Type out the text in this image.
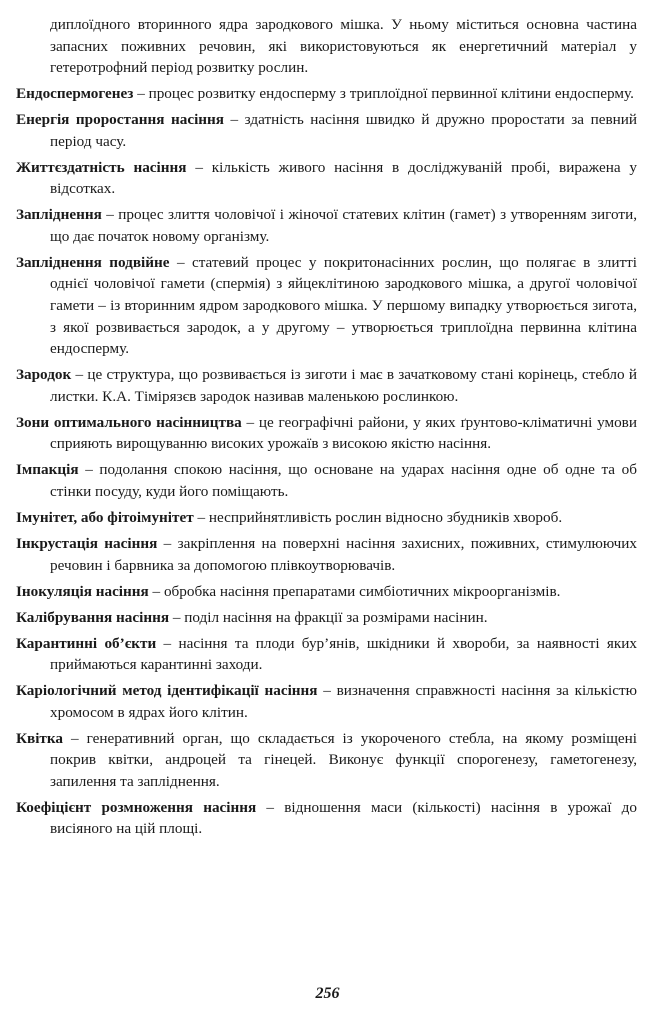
диплоїдного вторинного ядра зародкового мішка. У ньому міститься основна частина запасних поживних речовин, які використовуються як енергетичний матеріал у гетеротрофний період розвитку рослин.

Ендоспермогенез – процес розвитку ендосперму з триплоїдної первинної клітини ендосперму.

Енергія проростання насіння – здатність насіння швидко й дружно проростати за певний період часу.

Життєздатність насіння – кількість живого насіння в досліджуваній пробі, виражена у відсотках.

Запліднення – процес злиття чоловічої і жіночої статевих клітин (гамет) з утворенням зиготи, що дає початок новому організму.

Запліднення подвійне – статевий процес у покритонасінних рослин, що полягає в злитті однієї чоловічої гамети (спермія) з яйцеклітиною зародкового мішка, а другої чоловічої гамети – із вторинним ядром зародкового мішка. У першому випадку утворюється зигота, з якої розвивається зародок, а у другому – утворюється триплоїдна первинна клітина ендосперму.

Зародок – це структура, що розвивається із зиготи і має в зачатковому стані корінець, стебло й листки. К.А. Тімірязєв зародок називав маленькою рослинкою.

Зони оптимального насінництва – це географічні райони, у яких ґрунтово-кліматичні умови сприяють вирощуванню високих урожаїв з високою якістю насіння.

Імпакція – подолання спокою насіння, що основане на ударах насіння одне об одне та об стінки посуду, куди його поміщають.

Імунітет, або фітоімунітет – несприйнятливість рослин відносно збудників хвороб.

Інкрустація насіння – закріплення на поверхні насіння захисних, поживних, стимулюючих речовин і барвника за допомогою плівкоутворювачів.

Інокуляція насіння – обробка насіння препаратами симбіотичних мікроорганізмів.

Калібрування насіння – поділ насіння на фракції за розмірами насінин.

Карантинні об’єкти – насіння та плоди бур’янів, шкідники й хвороби, за наявності яких приймаються карантинні заходи.

Каріологічний метод ідентифікації насіння – визначення справжності насіння за кількістю хромосом в ядрах його клітин.

Квітка – генеративний орган, що складається із укороченого стебла, на якому розміщені покрив квітки, андроцей та гінецей. Виконує функції спорогенезу, гаметогенезу, запилення та запліднення.

Коефіцієнт розмноження насіння – відношення маси (кількості) насіння в урожаї до висіяного на цій площі.

256
